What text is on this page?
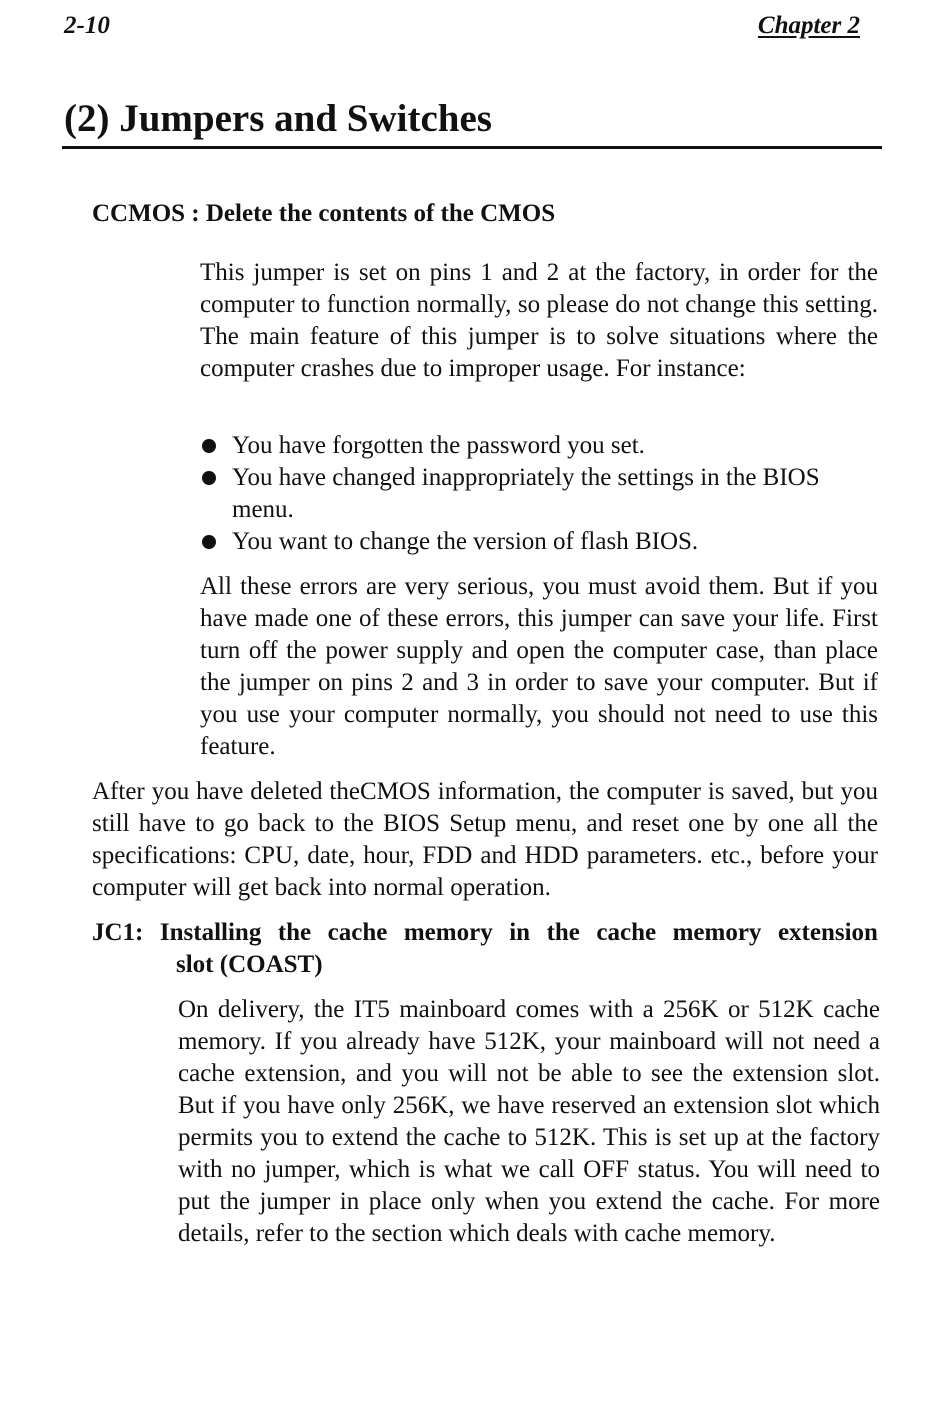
2-10	Chapter 2
(2) Jumpers and Switches
CCMOS : Delete the contents of the CMOS
This jumper is set on pins 1 and 2 at the factory, in order for the computer to function normally, so please do not change this setting. The main feature of this jumper is to solve situations where the computer crashes due to improper usage. For instance:
You have forgotten the password you set.
You have changed inappropriately the settings in the BIOS menu.
You want to change the version of flash BIOS.
All these errors are very serious, you must avoid them. But if you have made one of these errors, this jumper can save your life. First turn off the power supply and open the computer case, than place the jumper on pins 2 and 3 in order to save your computer. But if you use your computer normally, you should not need to use this feature.
After you have deleted theCMOS information, the computer is saved, but you still have to go back to the BIOS Setup menu, and reset one by one all the specifications: CPU, date, hour, FDD and HDD parameters. etc., before your computer will get back into normal operation.
JC1: Installing the cache memory in the cache memory extension
slot (COAST)
On delivery, the IT5 mainboard comes with a 256K or 512K cache memory. If you already have 512K, your mainboard will not need a cache extension, and you will not be able to see the extension slot. But if you have only 256K, we have reserved an extension slot which permits you to extend the cache to 512K. This is set up at the factory with no jumper, which is what we call OFF status. You will need to put the jumper in place only when you extend the cache. For more details, refer to the section which deals with cache memory.
